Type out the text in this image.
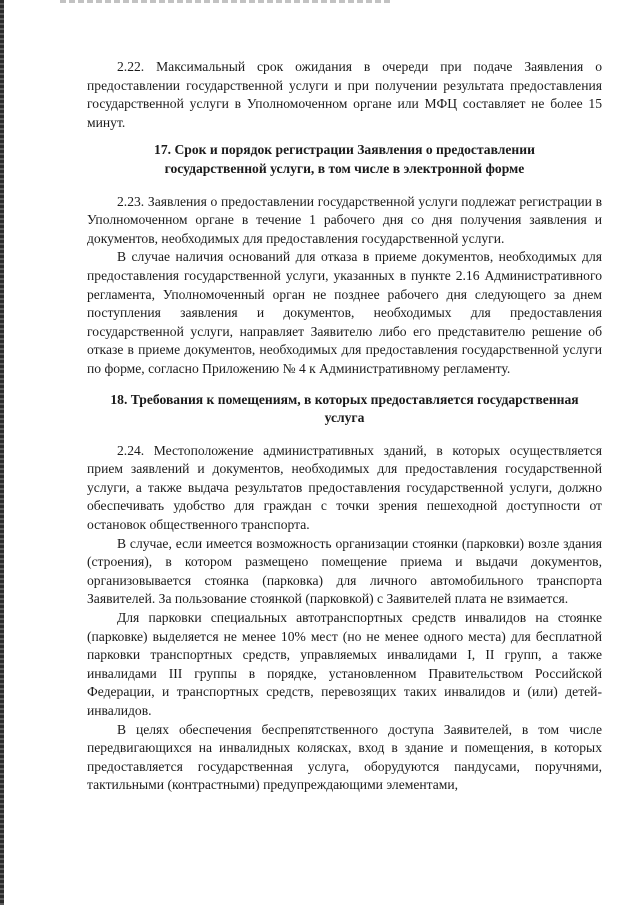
2.22. Максимальный срок ожидания в очереди при подаче Заявления о предоставлении государственной услуги и при получении результата предоставления государственной услуги в Уполномоченном органе или МФЦ составляет не более 15 минут.

17. Срок и порядок регистрации Заявления о предоставлении государственной услуги, в том числе в электронной форме

2.23. Заявления о предоставлении государственной услуги подлежат регистрации в Уполномоченном органе в течение 1 рабочего дня со дня получения заявления и документов, необходимых для предоставления государственной услуги.

В случае наличия оснований для отказа в приеме документов, необходимых для предоставления государственной услуги, указанных в пункте 2.16 Административного регламента, Уполномоченный орган не позднее рабочего дня следующего за днем поступления заявления и документов, необходимых для предоставления государственной услуги, направляет Заявителю либо его представителю решение об отказе в приеме документов, необходимых для предоставления государственной услуги по форме, согласно Приложению № 4 к Административному регламенту.

18. Требования к помещениям, в которых предоставляется государственная услуга

2.24. Местоположение административных зданий, в которых осуществляется прием заявлений и документов, необходимых для предоставления государственной услуги, а также выдача результатов предоставления государственной услуги, должно обеспечивать удобство для граждан с точки зрения пешеходной доступности от остановок общественного транспорта.

В случае, если имеется возможность организации стоянки (парковки) возле здания (строения), в котором размещено помещение приема и выдачи документов, организовывается стоянка (парковка) для личного автомобильного транспорта Заявителей. За пользование стоянкой (парковкой) с Заявителей плата не взимается.

Для парковки специальных автотранспортных средств инвалидов на стоянке (парковке) выделяется не менее 10% мест (но не менее одного места) для бесплатной парковки транспортных средств, управляемых инвалидами I, II групп, а также инвалидами III группы в порядке, установленном Правительством Российской Федерации, и транспортных средств, перевозящих таких инвалидов и (или) детей- инвалидов.

В целях обеспечения беспрепятственного доступа Заявителей, в том числе передвигающихся на инвалидных колясках, вход в здание и помещения, в которых предоставляется государственная услуга, оборудуются пандусами, поручнями, тактильными (контрастными) предупреждающими элементами,
